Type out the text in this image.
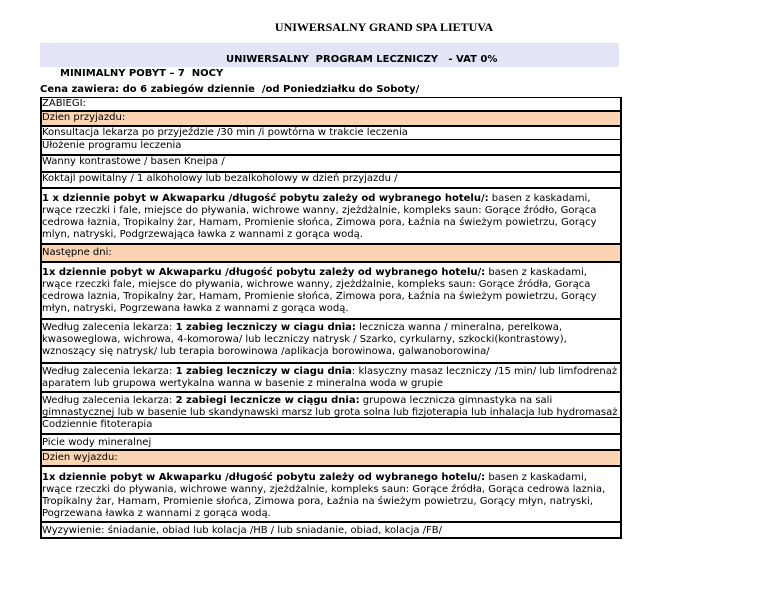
UNIWERSALNY GRAND SPA LIETUVA
UNIWERSALNY  PROGRAM LECZNICZY   - VAT 0%
MINIMALNY POBYT – 7  NOCY
Cena zawiera: do 6 zabiegów dziennie  /od Poniedziałku do Soboty/
ZABIEGI:
Dzien przyjazdu:
Konsultacja lekarza po przyjeździe /30 min /i powtórna w trakcie leczenia
Ułożenie programu leczenia
Wanny kontrastowe / basen Kneipa /
Koktajl powitalny / 1 alkoholowy lub bezalkoholowy w dzień przyjazdu /

1 x dziennie pobyt w Akwaparku /długość pobytu zależy od wybranego hotelu/: basen z kaskadami, rwące rzeczki i fale, miejsce do pływania, wichrowe wanny, zjeżdżalnie, kompleks saun: Gorące źródło, Gorąca cedrowa łaznia, Tropikalny żar, Hamam, Promienie słońca, Zimowa pora, Łaźnia na świeżym powietrzu, Gorący mlyn, natryski, Podgrzewająca ławka z wannami z gorąca wodą.

Następne dni:

1x dziennie pobyt w Akwaparku /długość pobytu zależy od wybranego hotelu/: basen z kaskadami, rwące rzeczki fale, miejsce do pływania, wichrowe wanny, zjeżdżalnie, kompleks saun: Gorące źródła, Gorąca cedrowa laznia, Tropikalny żar, Hamam, Promienie słońca, Zimowa pora, Łaźnia na świeżym powietrzu, Gorący młyn, natryski, Pogrzewana ławka z wannami z gorąca wodą.

Według zalecenia lekarza: 1 zabieg leczniczy w ciagu dnia: lecznicza wanna / mineralna, perelkowa, kwasoweglowa, wichrowa, 4-komorowa/ lub leczniczy natrysk / Szarko, cyrkularny, szkocki(kontrastowy), wznoszący się natrysk/ lub terapia borowinowa /aplikacja borowinowa, galwanoborowina/

Według zalecenia lekarza: 1 zabieg leczniczy w ciagu dnia: klasyczny masaz leczniczy /15 min/ lub limfodrenaż aparatem lub grupowa wertykalna wanna w basenie z mineralna woda w grupie

Według zalecenia lekarza: 2 zabiegi lecznicze w ciągu dnia: grupowa lecznicza gimnastyka na sali gimnastycznej lub w basenie lub skandynawski marsz lub grota solna lub fizjoterapia lub inhalacja lub hydromasaż

Codziennie fitoterapia
Picie wody mineralnej
Dzien wyjazdu:

1x dziennie pobyt w Akwaparku /długość pobytu zależy od wybranego hotelu/: basen z kaskadami, rwące rzeczki do pływania, wichrowe wanny, zjeżdżalnie, kompleks saun: Gorące źródła, Gorąca cedrowa laznia, Tropikalny żar, Hamam, Promienie słońca, Zimowa pora, Łaźnia na świeżym powietrzu, Gorący młyn, natryski, Pogrzewana ławka z wannami z gorąca wodą.

Wyzywienie: śniadanie, obiad lub kolacja /HB / lub sniadanie, obiad, kolacja /FB/
